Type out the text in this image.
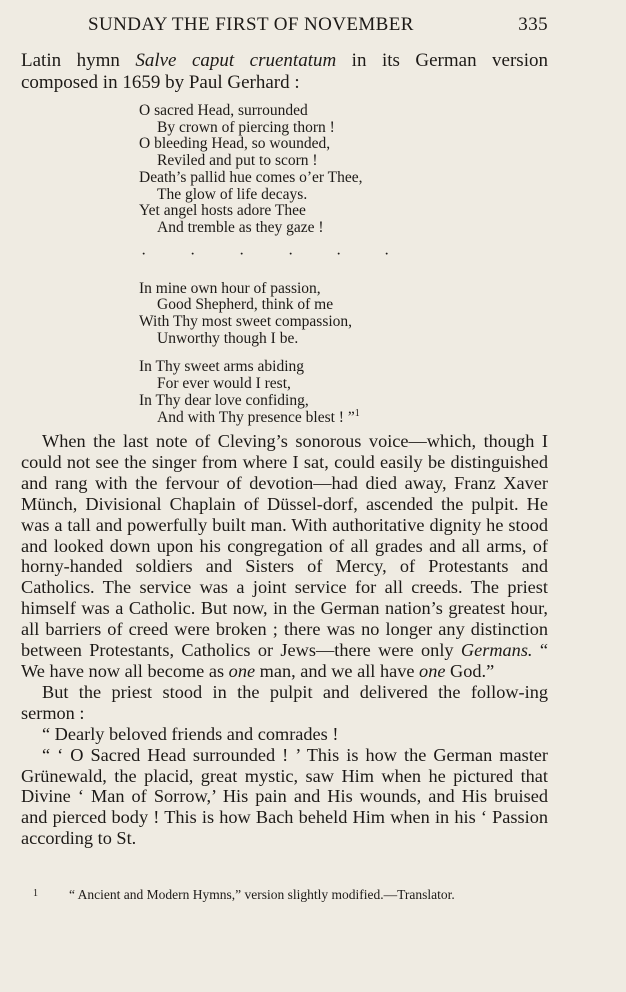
SUNDAY THE FIRST OF NOVEMBER	335

Latin hymn Salve caput cruentatum in its German version

composed in 1659 by Paul Gerhard :

O sacred Head, surrounded
By crown of piercing thorn !
O bleeding Head, so wounded,
Reviled and put to scorn !
Death’s pallid hue comes o’er Thee,
The glow of life decays.
Yet angel hosts adore Thee
And tremble as they gaze !
·	·	·	·	·	·
In mine own hour of passion,
Good Shepherd, think of me
With Thy most sweet compassion,
Unworthy though I be.
In Thy sweet arms abiding
For ever would I rest,
In Thy dear love confiding,
And with Thy presence blest ! ”$^1$

When the last note of Cleving’s sonorous voice—which, though I could not see the singer from where I sat, could easily be distinguished and rang with the fervour of devotion—had died away, Franz Xaver Münch, Divisional Chaplain of Düssel-dorf, ascended the pulpit. He was a tall and powerfully built man. With authoritative dignity he stood and looked down upon his congregation of all grades and all arms, of horny-handed soldiers and Sisters of Mercy, of Protestants and Catholics. The service was a joint service for all creeds. The priest himself was a Catholic. But now, in the German nation’s greatest hour, all barriers of creed were broken ; there was no longer any distinction between Protestants, Catholics or Jews—there were only Germans. “ We have now all become as one man, and we all have one God.”

But the priest stood in the pulpit and delivered the follow-ing sermon :

“ Dearly beloved friends and comrades !

“ ‘ O Sacred Head surrounded ! ’ This is how the German master Grünewald, the placid, great mystic, saw Him when he pictured that Divine ‘ Man of Sorrow,’ His pain and His wounds, and His bruised and pierced body ! This is how Bach beheld Him when in his ‘ Passion according to St.

1 “ Ancient and Modern Hymns,” version slightly modified.—Translator.
